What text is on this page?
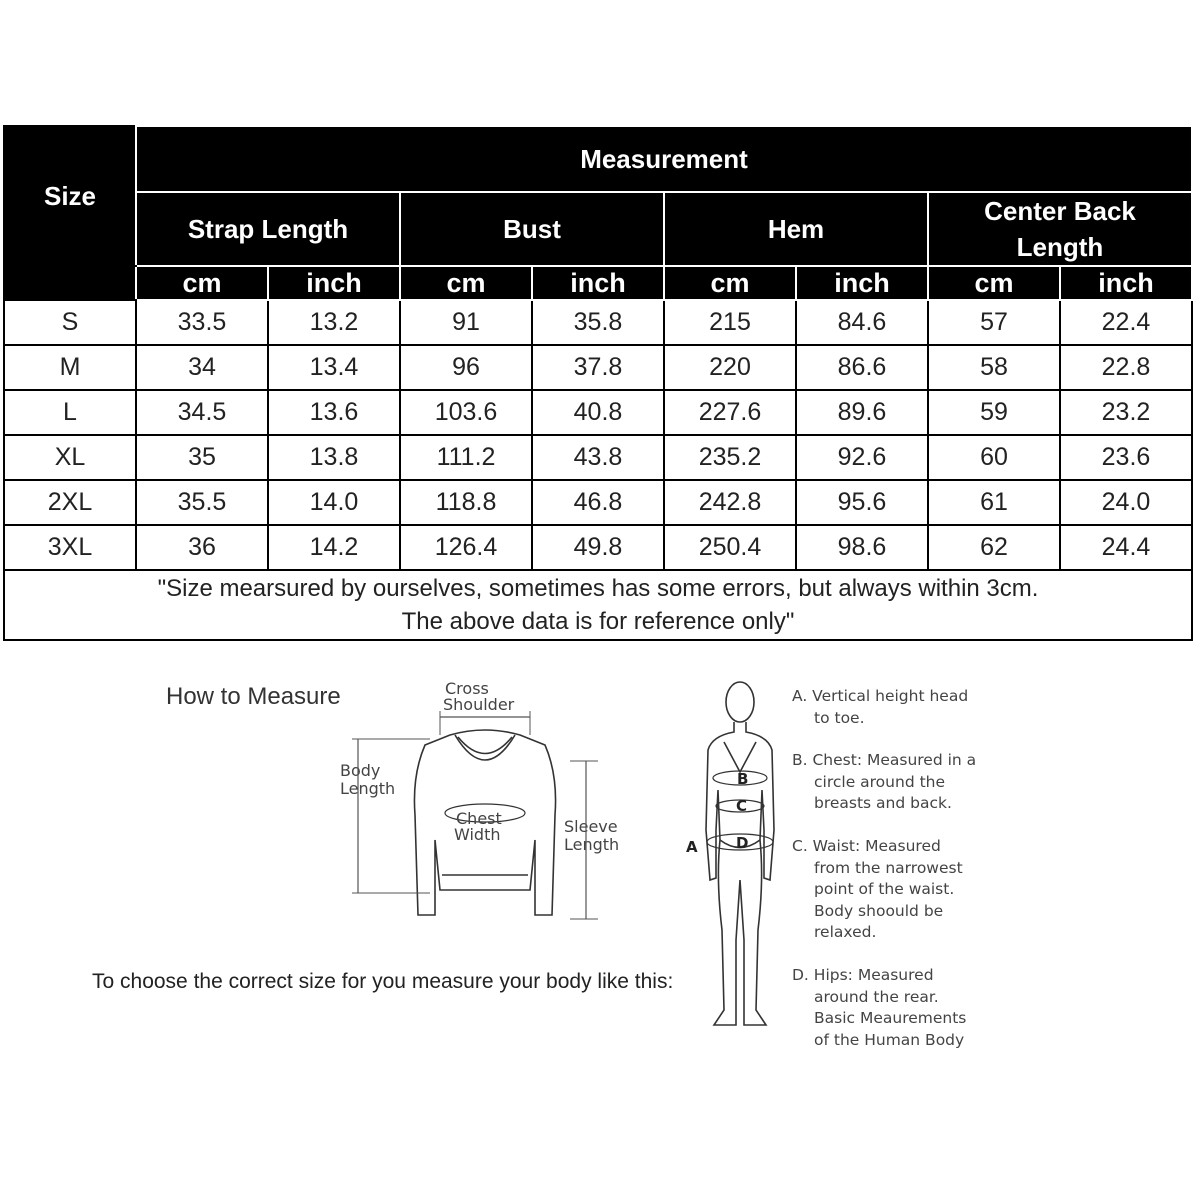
Size	Measurement							
	Strap Length		Bust		Hem		Center Back
Length	
	cm	inch	cm	inch	cm	inch	cm	inch
S	33.5	13.2	91	35.8	215	84.6	57	22.4
M	34	13.4	96	37.8	220	86.6	58	22.8
L	34.5	13.6	103.6	40.8	227.6	89.6	59	23.2
XL	35	13.8	111.2	43.8	235.2	92.6	60	23.6
2XL	35.5	14.0	118.8	46.8	242.8	95.6	61	24.0
3XL	36	14.2	126.4	49.8	250.4	98.6	62	24.4

"Size mearsured by ourselves, sometimes has some errors, but always within 3cm.
The above data is for reference only"								
How to Measure	Cross
Shoulder
Chest
Width
Body
Length
Sleeve
Length
To choose the correct size for you measure your body like this:
A
B
C
D
A. Vertical height head
to toe.
B. Chest: Measured in a
circle around the
breasts and back.
C. Waist: Measured
from the narrowest
point of the waist.
Body shoould be
relaxed.
D. Hips: Measured
around the rear.
Basic Meaurements
of the Human Body
